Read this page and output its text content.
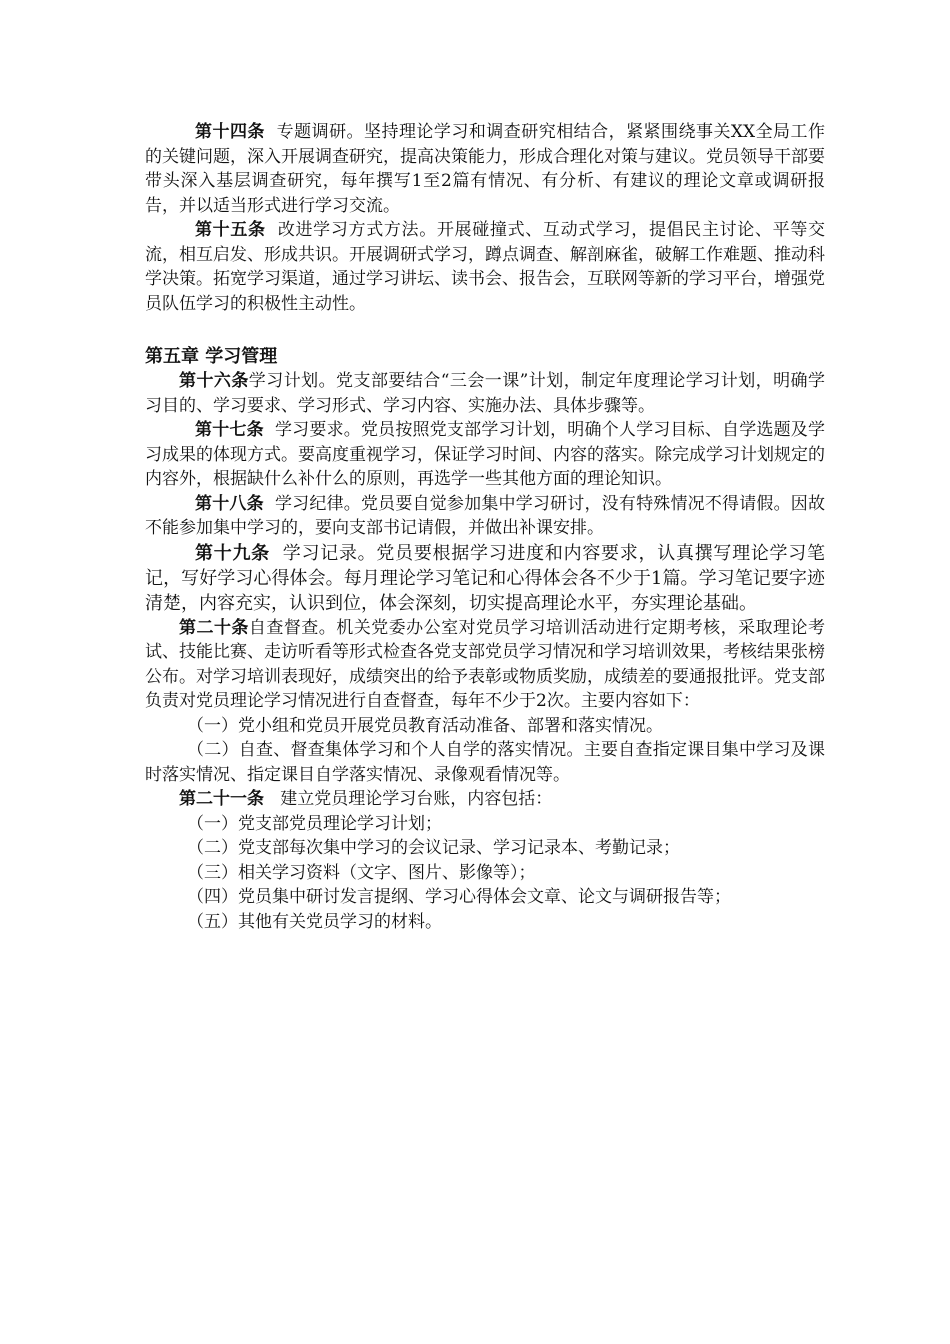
第十四条 专题调研。坚持理论学习和调查研究相结合，紧紧围绕事关XX全局工作的关键问题，深入开展调查研究，提高决策能力，形成合理化对策与建议。党员领导干部要带头深入基层调查研究，每年撰写1至2篇有情况、有分析、有建议的理论文章或调研报告，并以适当形式进行学习交流。

第十五条 改进学习方式方法。开展碰撞式、互动式学习，提倡民主讨论、平等交流，相互启发、形成共识。开展调研式学习，蹲点调查、解剖麻雀，破解工作难题、推动科学决策。拓宽学习渠道，通过学习讲坛、读书会、报告会，互联网等新的学习平台，增强党员队伍学习的积极性主动性。

第五章 学习管理

第十六条学习计划。党支部要结合“三会一课”计划，制定年度理论学习计划，明确学习目的、学习要求、学习形式、学习内容、实施办法、具体步骤等。

第十七条 学习要求。党员按照党支部学习计划，明确个人学习目标、自学选题及学习成果的体现方式。要高度重视学习，保证学习时间、内容的落实。除完成学习计划规定的内容外，根据缺什么补什么的原则，再选学一些其他方面的理论知识。

第十八条 学习纪律。党员要自觉参加集中学习研讨，没有特殊情况不得请假。因故不能参加集中学习的，要向支部书记请假，并做出补课安排。

第十九条 学习记录。党员要根据学习进度和内容要求，认真撰写理论学习笔记，写好学习心得体会。每月理论学习笔记和心得体会各不少于1篇。学习笔记要字迹清楚，内容充实，认识到位，体会深刻，切实提高理论水平，夯实理论基础。

第二十条自查督查。机关党委办公室对党员学习培训活动进行定期考核，采取理论考试、技能比赛、走访听看等形式检查各党支部党员学习情况和学习培训效果，考核结果张榜公布。对学习培训表现好，成绩突出的给予表彰或物质奖励，成绩差的要通报批评。党支部负责对党员理论学习情况进行自查督查，每年不少于2次。主要内容如下：

（一）党小组和党员开展党员教育活动准备、部署和落实情况。

（二）自查、督查集体学习和个人自学的落实情况。主要自查指定课目集中学习及课时落实情况、指定课目自学落实情况、录像观看情况等。

第二十一条 建立党员理论学习台账，内容包括：

（一）党支部党员理论学习计划；

（二）党支部每次集中学习的会议记录、学习记录本、考勤记录；

（三）相关学习资料（文字、图片、影像等）；

（四）党员集中研讨发言提纲、学习心得体会文章、论文与调研报告等；

（五）其他有关党员学习的材料。
